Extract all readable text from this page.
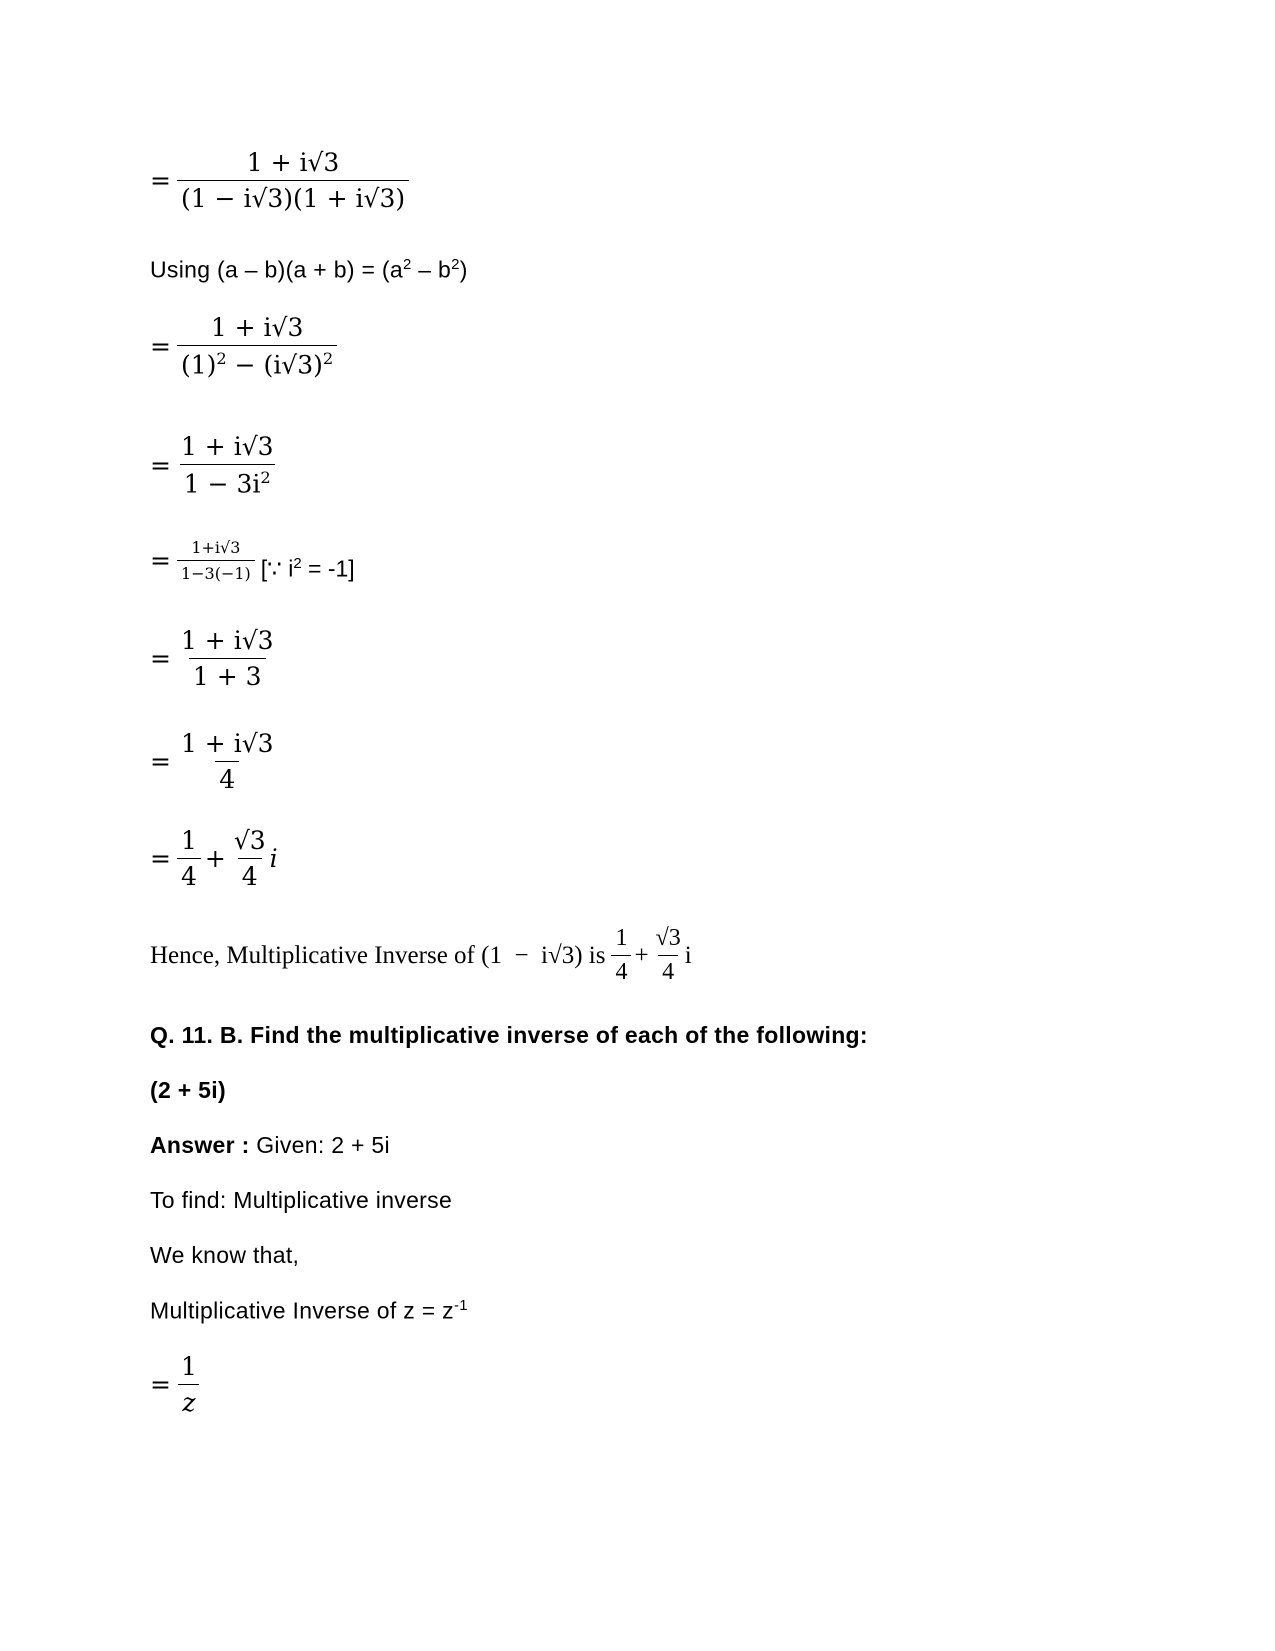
= $\frac{1 + i√3}{(1 - i√3)(1 + i√3)}$
Using $(a - b)(a + b) = (a^2 - b^2)$
= $\frac{1 + i√3}{(1)^2 - (i√3)^2}$
= $\frac{1 + i√3}{1 - 3i^2}$
= $\frac{1+i√3}{1-3(-1)}$ [∵ $i^2 = -1$]
= $\frac{1 + i√3}{1 + 3}$
= $\frac{1 + i√3}{4}$
= $\frac{1}{4} + \frac{√3}{4}$ i
Hence, Multiplicative Inverse of (1  −  i√3) is $\frac{1}{4} + \frac{√3}{4}$ i
Q. 11. B. Find the multiplicative inverse of each of the following:
(2 + 5i)
Answer : Given: 2 + 5i
To find: Multiplicative inverse
We know that,
Multiplicative Inverse of $z = z^{-1}$
= $\frac{1}{z}$
